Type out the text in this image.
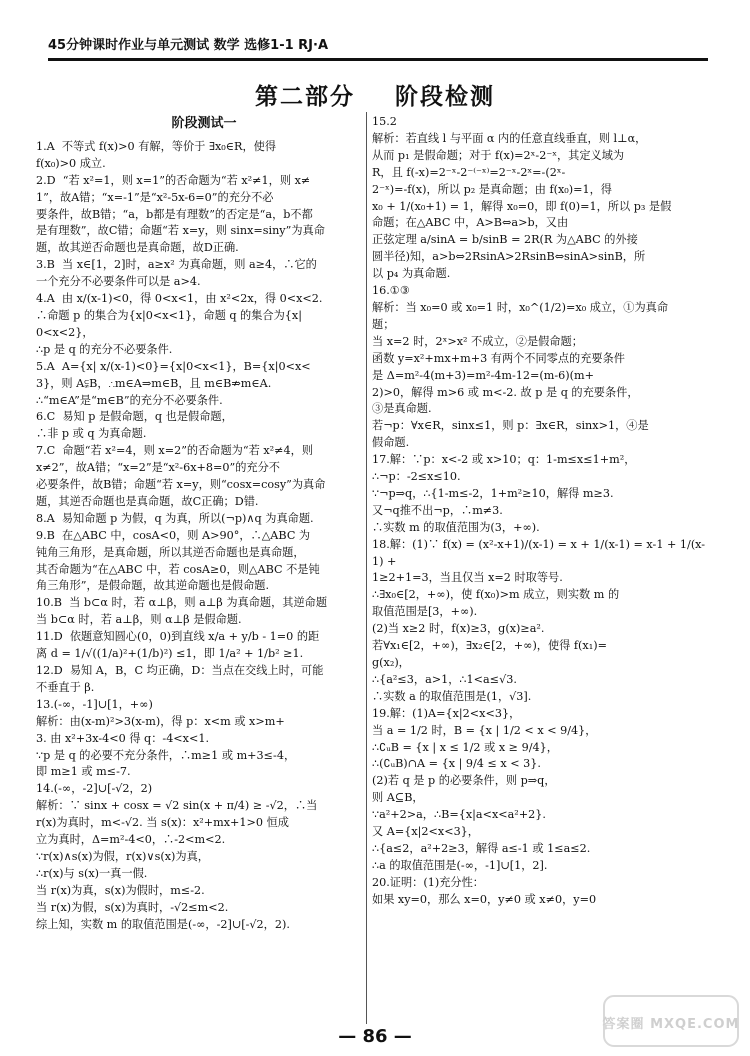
45分钟课时作业与单元测试 数学 选修1-1 RJ·A
第二部分    阶段检测

阶段测试一

1.A  不等式 f(x)>0 有解，等价于 ∃x₀∈R，使得

f(x₀)>0 成立.

2.D  “若 x²=1，则 x=1”的否命题为“若 x²≠1，则 x≠

1”，故A错；“x=-1”是“x²-5x-6=0”的充分不必

要条件，故B错；“a，b都是有理数”的否定是“a，b不都

是有理数”，故C错；命题“若 x=y，则 sinx=siny”为真命

题，故其逆否命题也是真命题，故D正确.

3.B  当 x∈[1，2]时，a≥x² 为真命题，则 a≥4，∴它的

一个充分不必要条件可以是 a>4.

4.A  由 x/(x-1)<0，得 0<x<1，由 x²<2x，得 0<x<2.

∴命题 p 的集合为{x|0<x<1}，命题 q 的集合为{x|

0<x<2}，

∴p 是 q 的充分不必要条件.

5.A  A={x| x/(x-1)<0}={x|0<x<1}，B={x|0<x<

3}，则 A⫋B，∴m∈A⇒m∈B，且 m∈B⇏m∈A.

∴“m∈A”是“m∈B”的充分不必要条件.

6.C  易知 p 是假命题，q 也是假命题，

∴非 p 或 q 为真命题.

7.C  命题“若 x²=4，则 x=2”的否命题为“若 x²≠4，则

x≠2”，故A错；“x=2”是“x²-6x+8=0”的充分不

必要条件，故B错；命题“若 x=y，则“cosx=cosy”为真命

题，其逆否命题也是真命题，故C正确；D错.

8.A  易知命题 p 为假，q 为真，所以(¬p)∧q 为真命题.

9.B  在△ABC 中，cosA<0，则 A>90°，∴△ABC 为

钝角三角形，是真命题，所以其逆否命题也是真命题，

其否命题为“在△ABC 中，若 cosA≥0，则△ABC 不是钝

角三角形”，是假命题，故其逆命题也是假命题.

10.B  当 b⊂α 时，若 α⊥β，则 a⊥β 为真命题，其逆命题

当 b⊂α 时，若 a⊥β，则 α⊥β 是假命题.

11.D  依题意知圆心(0，0)到直线 x/a + y/b - 1=0 的距

离 d = 1/√((1/a)²+(1/b)²) ≤1，即 1/a² + 1/b² ≥1.

12.D  易知 A，B，C 均正确，D：当点在交线上时，可能

不垂直于 β.

13.(-∞，-1]∪[1，+∞)

解析：由(x-m)²>3(x-m)，得 p：x<m 或 x>m+

3. 由 x²+3x-4<0 得 q：-4<x<1.

∵p 是 q 的必要不充分条件，∴m≥1 或 m+3≤-4，

即 m≥1 或 m≤-7.

14.(-∞，-2]∪[-√2，2)

解析：∵ sinx + cosx = √2 sin(x + π/4) ≥ -√2，∴当

r(x)为真时，m<-√2. 当 s(x)：x²+mx+1>0 恒成

立为真时，Δ=m²-4<0，∴-2<m<2.

∵r(x)∧s(x)为假，r(x)∨s(x)为真，

∴r(x)与 s(x)一真一假.

当 r(x)为真，s(x)为假时，m≤-2.

当 r(x)为假，s(x)为真时，-√2≤m<2.

综上知，实数 m 的取值范围是(-∞，-2]∪[-√2，2).

15.2

解析：若直线 l 与平面 α 内的任意直线垂直，则 l⊥α，

从而 p₁ 是假命题；对于 f(x)=2ˣ-2⁻ˣ，其定义域为

R，且 f(-x)=2⁻ˣ-2⁻⁽⁻ˣ⁾=2⁻ˣ-2ˣ=-(2ˣ-

2⁻ˣ)=-f(x)，所以 p₂ 是真命题；由 f(x₀)=1，得

x₀ + 1/(x₀+1) = 1，解得 x₀=0，即 f(0)=1，所以 p₃ 是假

命题；在△ABC 中，A>B⇔a>b，又由

正弦定理 a/sinA = b/sinB = 2R(R 为△ABC 的外接

圆半径)知，a>b⇔2RsinA>2RsinB⇔sinA>sinB，所

以 p₄ 为真命题.

16.①③

解析：当 x₀=0 或 x₀=1 时，x₀^(1/2)=x₀ 成立，①为真命

题；

当 x=2 时，2ˣ>x² 不成立，②是假命题；

函数 y=x²+mx+m+3 有两个不同零点的充要条件

是 Δ=m²-4(m+3)=m²-4m-12=(m-6)(m+

2)>0，解得 m>6 或 m<-2. 故 p 是 q 的充要条件，

③是真命题.

若¬p：∀x∈R，sinx≤1，则 p：∃x∈R，sinx>1，④是

假命题.

17.解：∵p：x<-2 或 x>10；q：1-m≤x≤1+m²，

∴¬p：-2≤x≤10.

∵¬p⇒q，∴{1-m≤-2，1+m²≥10，解得 m≥3.

又¬q推不出¬p，∴m≠3.

∴实数 m 的取值范围为(3，+∞).

18.解：(1)∵ f(x) = (x²-x+1)/(x-1) = x + 1/(x-1) = x-1 + 1/(x-1) +

1≥2+1=3，当且仅当 x=2 时取等号.

∴∃x₀∈[2，+∞)，使 f(x₀)>m 成立，则实数 m 的

取值范围是[3，+∞).

(2)当 x≥2 时，f(x)≥3，g(x)≥a².

若∀x₁∈[2，+∞)，∃x₂∈[2，+∞)，使得 f(x₁)=

g(x₂)，

∴{a²≤3，a>1，∴1<a≤√3.

∴实数 a 的取值范围是(1，√3].

19.解：(1)A={x|2<x<3}，

当 a = 1/2 时，B = {x | 1/2 < x < 9/4}，

∴∁ᵤB = {x | x ≤ 1/2 或 x ≥ 9/4}，

∴(∁ᵤB)∩A = {x | 9/4 ≤ x < 3}.

(2)若 q 是 p 的必要条件，则 p⇒q，

则 A⊆B，

∵a²+2>a，∴B={x|a<x<a²+2}.

又 A={x|2<x<3}，

∴{a≤2，a²+2≥3，解得 a≤-1 或 1≤a≤2.

∴a 的取值范围是(-∞，-1]∪[1，2].

20.证明：(1)充分性：

如果 xy=0，那么 x=0，y≠0 或 x≠0，y=0

— 86 —
答案圈 MXQE.COM
